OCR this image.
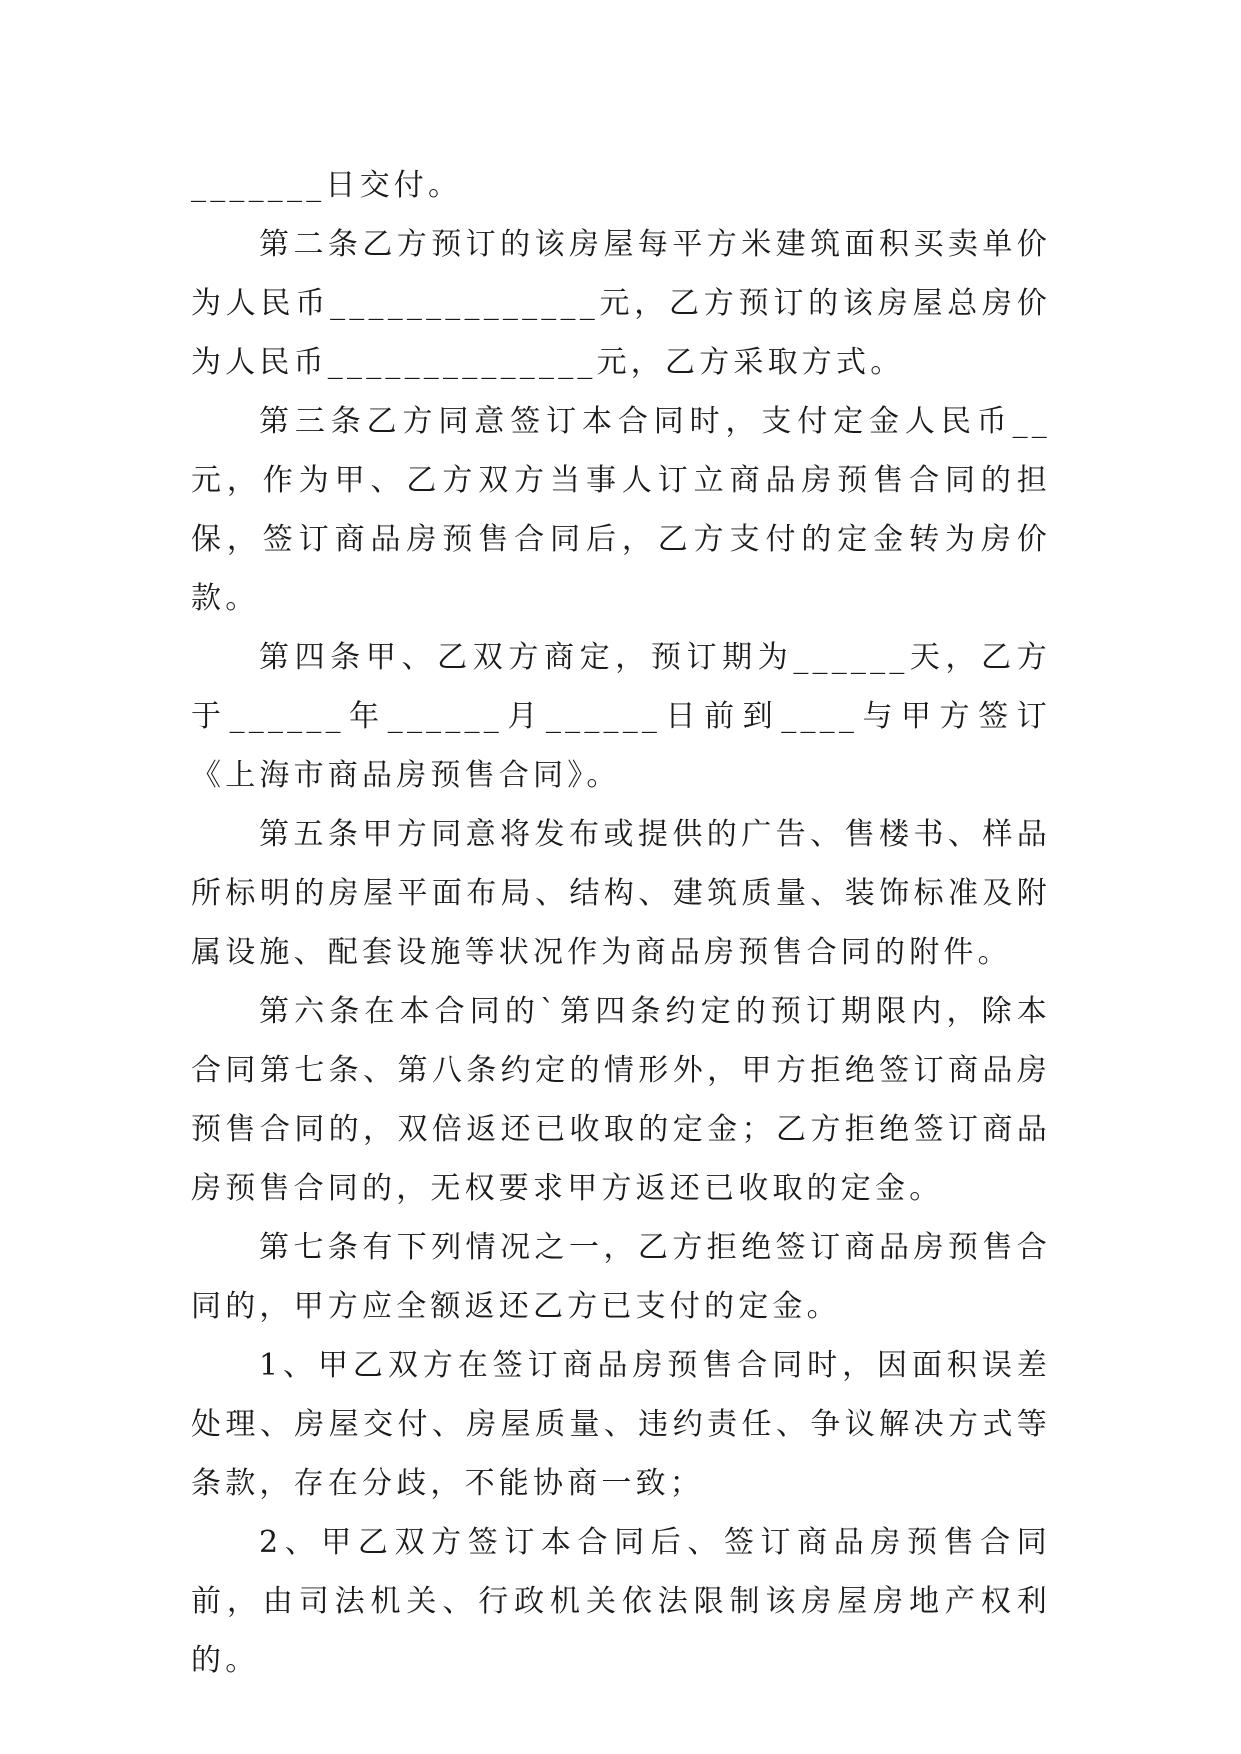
_______日交付。

第二条乙方预订的该房屋每平方米建筑面积买卖单价为人民币______________元，乙方预订的该房屋总房价为人民币______________元，乙方采取方式。

第三条乙方同意签订本合同时，支付定金人民币__元，作为甲、乙方双方当事人订立商品房预售合同的担保，签订商品房预售合同后，乙方支付的定金转为房价款。

第四条甲、乙双方商定，预订期为______天，乙方于______年______月______日前到____与甲方签订《上海市商品房预售合同》。

第五条甲方同意将发布或提供的广告、售楼书、样品所标明的房屋平面布局、结构、建筑质量、装饰标准及附属设施、配套设施等状况作为商品房预售合同的附件。

第六条在本合同的`第四条约定的预订期限内，除本合同第七条、第八条约定的情形外，甲方拒绝签订商品房预售合同的，双倍返还已收取的定金；乙方拒绝签订商品房预售合同的，无权要求甲方返还已收取的定金。

第七条有下列情况之一，乙方拒绝签订商品房预售合同的，甲方应全额返还乙方已支付的定金。

1、甲乙双方在签订商品房预售合同时，因面积误差处理、房屋交付、房屋质量、违约责任、争议解决方式等条款，存在分歧，不能协商一致；

2、甲乙双方签订本合同后、签订商品房预售合同前，由司法机关、行政机关依法限制该房屋房地产权利的。
